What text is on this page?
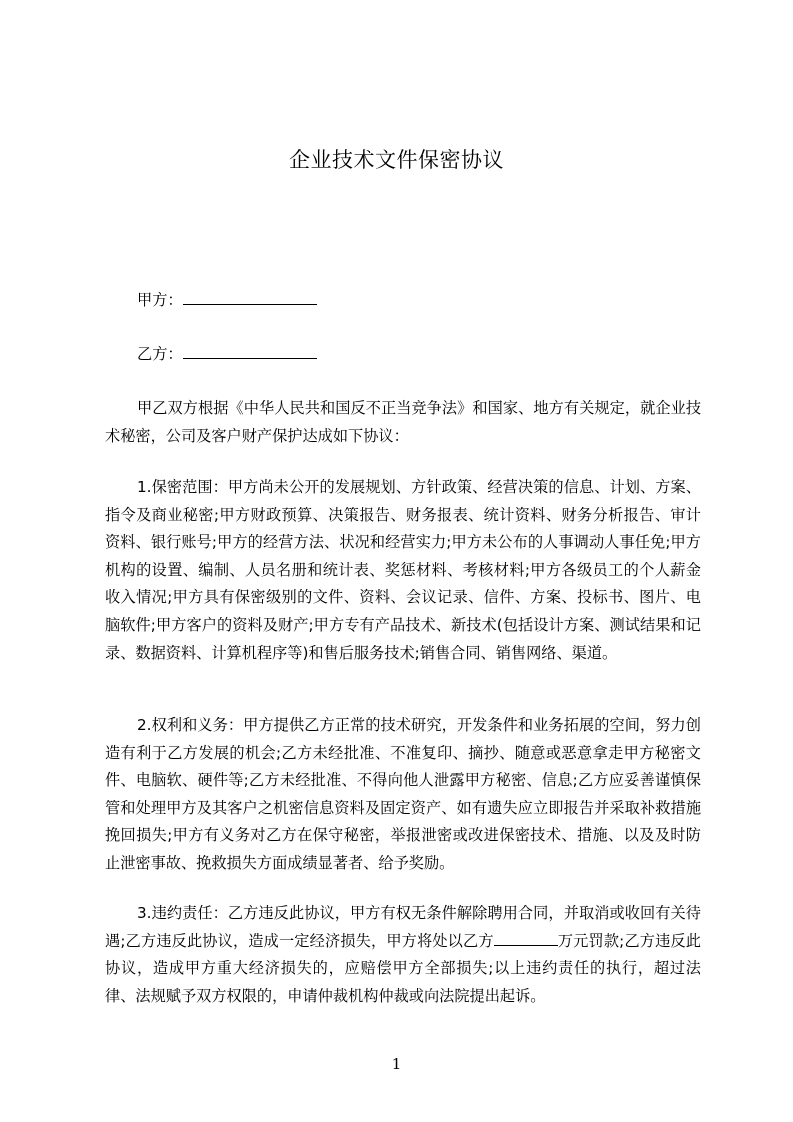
企业技术文件保密协议
甲方：
乙方：

甲乙双方根据《中华人民共和国反不正当竞争法》和国家、地方有关规定，就企业技术秘密，公司及客户财产保护达成如下协议：

1.保密范围：甲方尚未公开的发展规划、方针政策、经营决策的信息、计划、方案、指令及商业秘密;甲方财政预算、决策报告、财务报表、统计资料、财务分析报告、审计资料、银行账号;甲方的经营方法、状况和经营实力;甲方未公布的人事调动人事任免;甲方机构的设置、编制、人员名册和统计表、奖惩材料、考核材料;甲方各级员工的个人薪金收入情况;甲方具有保密级别的文件、资料、会议记录、信件、方案、投标书、图片、电脑软件;甲方客户的资料及财产;甲方专有产品技术、新技术(包括设计方案、测试结果和记录、数据资料、计算机程序等)和售后服务技术;销售合同、销售网络、渠道。

2.权利和义务：甲方提供乙方正常的技术研究，开发条件和业务拓展的空间，努力创造有利于乙方发展的机会;乙方未经批准、不准复印、摘抄、随意或恶意拿走甲方秘密文件、电脑软、硬件等;乙方未经批准、不得向他人泄露甲方秘密、信息;乙方应妥善谨慎保管和处理甲方及其客户之机密信息资料及固定资产、如有遗失应立即报告并采取补救措施挽回损失;甲方有义务对乙方在保守秘密，举报泄密或改进保密技术、措施、以及及时防止泄密事故、挽救损失方面成绩显著者、给予奖励。

3.违约责任：乙方违反此协议，甲方有权无条件解除聘用合同，并取消或收回有关待遇;乙方违反此协议，造成一定经济损失，甲方将处以乙方	万元罚款;乙方违反此协议，造成甲方重大经济损失的，应赔偿甲方全部损失;以上违约责任的执行，超过法律、法规赋予双方权限的，申请仲裁机构仲裁或向法院提出起诉。

1
